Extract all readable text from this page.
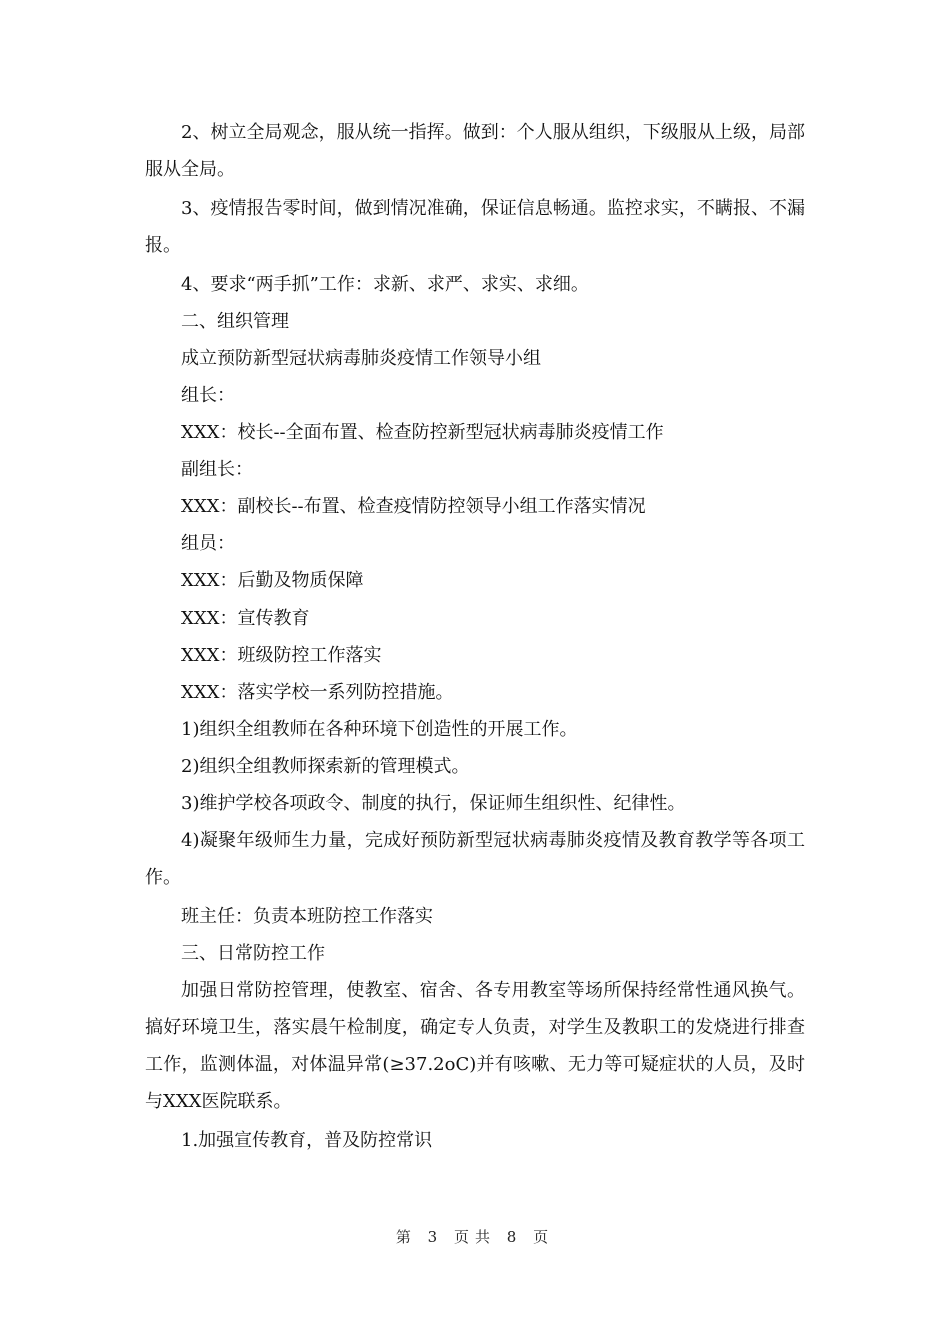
2、树立全局观念，服从统一指挥。做到：个人服从组织，下级服从上级，局部服从全局。

3、疫情报告零时间，做到情况准确，保证信息畅通。监控求实，不瞒报、不漏报。

4、要求“两手抓”工作：求新、求严、求实、求细。

二、组织管理

成立预防新型冠状病毒肺炎疫情工作领导小组

组长：

XXX：校长--全面布置、检查防控新型冠状病毒肺炎疫情工作

副组长：

XXX：副校长--布置、检查疫情防控领导小组工作落实情况

组员：

XXX：后勤及物质保障

XXX：宣传教育

XXX：班级防控工作落实

XXX：落实学校一系列防控措施。

1)组织全组教师在各种环境下创造性的开展工作。

2)组织全组教师探索新的管理模式。

3)维护学校各项政令、制度的执行，保证师生组织性、纪律性。

4)凝聚年级师生力量，完成好预防新型冠状病毒肺炎疫情及教育教学等各项工作。

班主任：负责本班防控工作落实

三、日常防控工作

加强日常防控管理，使教室、宿舍、各专用教室等场所保持经常性通风换气。搞好环境卫生，落实晨午检制度，确定专人负责，对学生及教职工的发烧进行排查工作，监测体温，对体温异常(≥37.2oC)并有咳嗽、无力等可疑症状的人员，及时与XXX医院联系。

1.加强宣传教育，普及防控常识

第 3 页共 8 页
